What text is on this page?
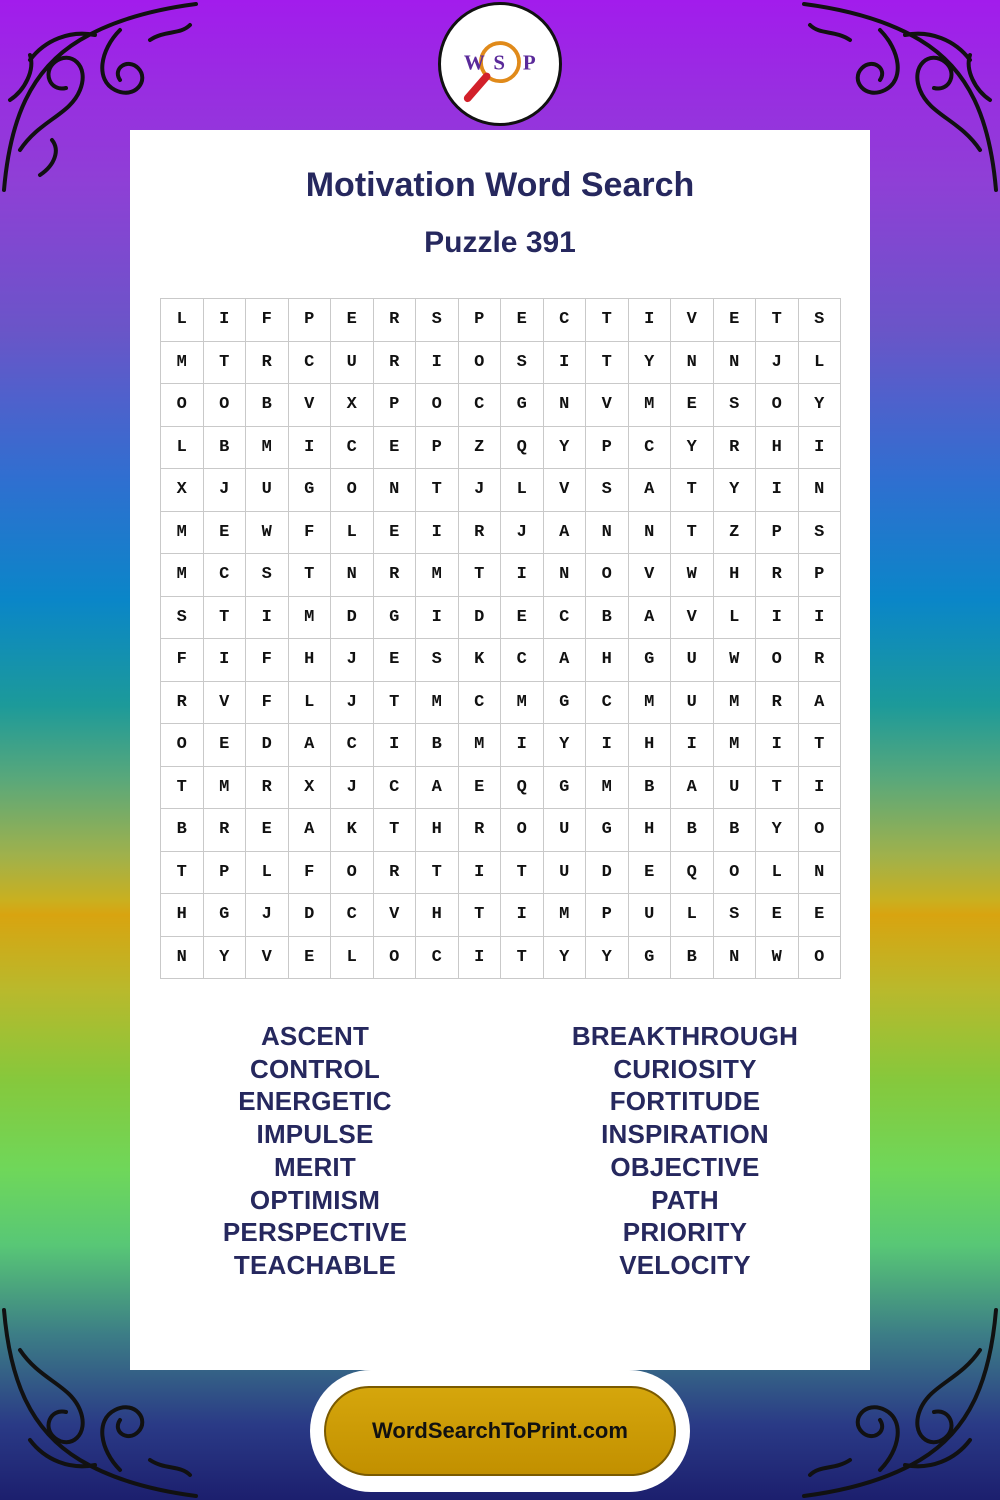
W S P
Motivation Word Search
Puzzle 391
L	I	F	P	E	R	S	P	E	C	T	I	V	E	T	S
M	T	R	C	U	R	I	O	S	I	T	Y	N	N	J	L
O	O	B	V	X	P	O	C	G	N	V	M	E	S	O	Y
L	B	M	I	C	E	P	Z	Q	Y	P	C	Y	R	H	I
X	J	U	G	O	N	T	J	L	V	S	A	T	Y	I	N
M	E	W	F	L	E	I	R	J	A	N	N	T	Z	P	S
M	C	S	T	N	R	M	T	I	N	O	V	W	H	R	P
S	T	I	M	D	G	I	D	E	C	B	A	V	L	I	I
F	I	F	H	J	E	S	K	C	A	H	G	U	W	O	R
R	V	F	L	J	T	M	C	M	G	C	M	U	M	R	A
O	E	D	A	C	I	B	M	I	Y	I	H	I	M	I	T
T	M	R	X	J	C	A	E	Q	G	M	B	A	U	T	I
B	R	E	A	K	T	H	R	O	U	G	H	B	B	Y	O
T	P	L	F	O	R	T	I	T	U	D	E	Q	O	L	N
H	G	J	D	C	V	H	T	I	M	P	U	L	S	E	E
N	Y	V	E	L	O	C	I	T	Y	Y	G	B	N	W	O
ASCENT
CONTROL
ENERGETIC
IMPULSE
MERIT
OPTIMISM
PERSPECTIVE
TEACHABLE
BREAKTHROUGH
CURIOSITY
FORTITUDE
INSPIRATION
OBJECTIVE
PATH
PRIORITY
VELOCITY
WordSearchToPrint.com
